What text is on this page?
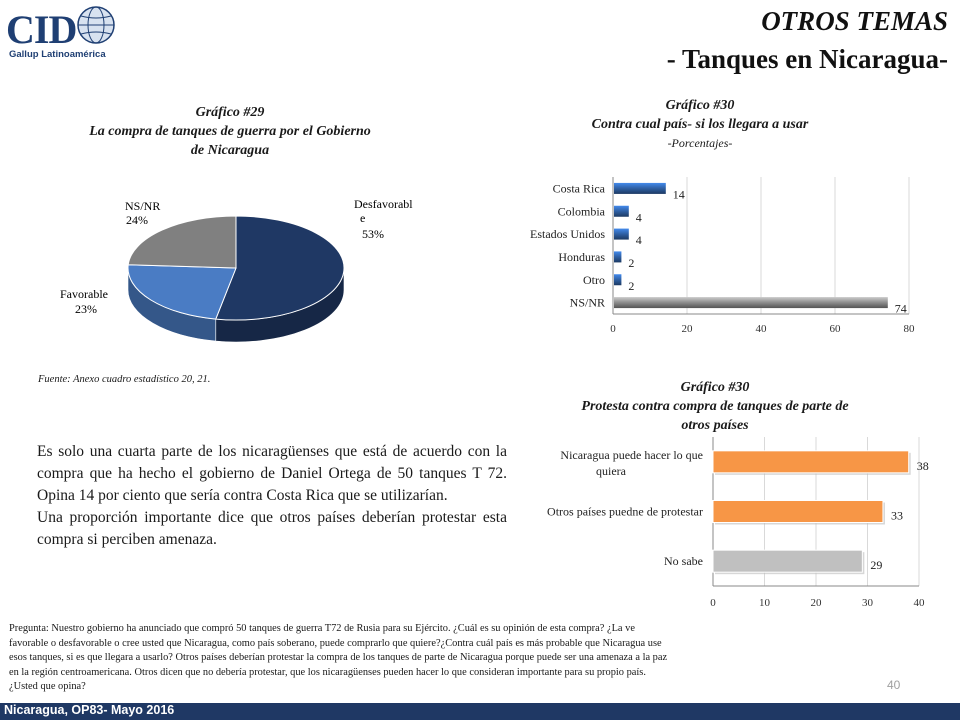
CID
Gallup Latinoamérica
OTROS TEMAS
- Tanques en Nicaragua-
Gráfico #29
La compra de tanques de guerra por el Gobierno
de Nicaragua
Desfavorabl
e
53%
Favorable
23%
NS/NR
24%
Fuente: Anexo cuadro estadístico 20, 21.
Gráfico #30
Contra cual país- si los llegara a usar
-Porcentajes-
0	20	40	60	80
Costa Rica	14
Colombia	4
Estados Unidos	4
Honduras 2
Otro 2
NS/NR	74
Gráfico #30
Protesta contra compra de tanques de parte de
otros países
0	10	20	30	40
Nicaragua puede hacer lo que
quiera	38
Otros países puedne de protestar	33
No sabe	29

Es solo una cuarta parte de los nicaragüenses que está de acuerdo con la compra que ha hecho el gobierno de Daniel Ortega de 50 tanques T 72. Opina 14 por ciento que sería contra Costa Rica que se utilizarían.

Una proporción importante dice que otros países deberían protestar esta compra si perciben amenaza.

Pregunta: Nuestro gobierno ha anunciado que compró 50 tanques de guerra T72 de Rusia para su Ejército. ¿Cuál es su opinión de esta compra? ¿La ve
favorable o desfavorable o cree usted que Nicaragua, como país soberano, puede comprarlo que quiere?¿Contra cuál país es más probable que Nicaragua use
esos tanques, si es que llegara a usarlo? Otros países deberían protestar la compra de los tanques de parte de Nicaragua porque puede ser una amenaza a la paz
en la región centroamericana. Otros dicen que no debería protestar, que los nicaragüenses pueden hacer lo que consideran importante para su propio país.
¿Usted que opina?	40
Nicaragua, OP83- Mayo 2016
